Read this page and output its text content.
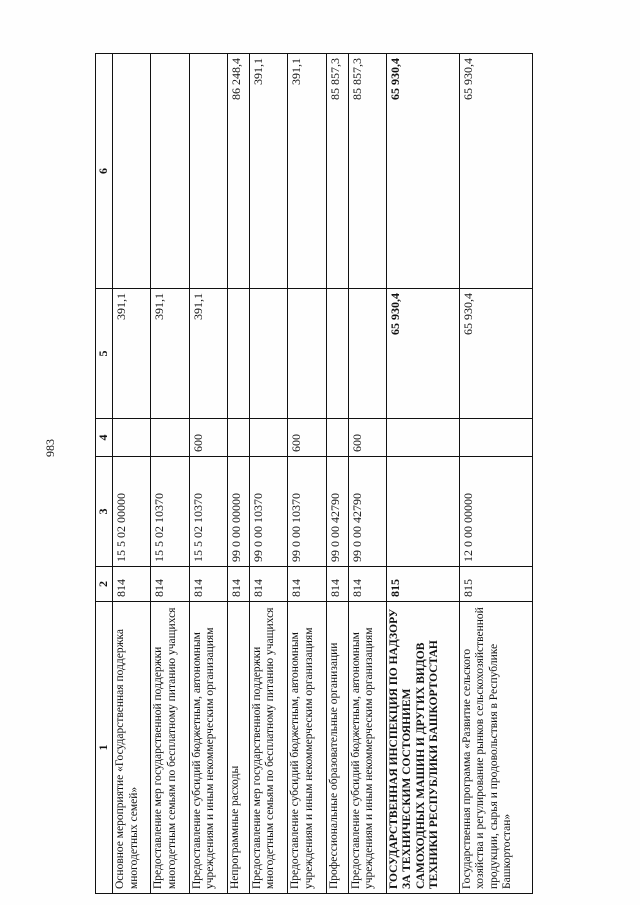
983
1	2	3	4	5	6
Основное мероприятие «Государственная поддержка многодетных семей»	814	15 5 02 00000		391,1	
Предоставление мер государственной поддержки многодетным семьям по бесплатному питанию учащихся	814	15 5 02 10370		391,1	
Предоставление субсидий бюджетным, автономным учреждениям и иным некоммерческим организациям	814	15 5 02 10370	600	391,1	
Непрограммные расходы	814	99 0 00 00000			86 248,4
Предоставление мер государственной поддержки многодетным семьям по бесплатному питанию учащихся	814	99 0 00 10370			391,1
Предоставление субсидий бюджетным, автономным учреждениям и иным некоммерческим организациям	814	99 0 00 10370	600		391,1
Профессиональные образовательные организации	814	99 0 00 42790			85 857,3
Предоставление субсидий бюджетным, автономным учреждениям и иным некоммерческим организациям	814	99 0 00 42790	600		85 857,3
ГОСУДАРСТВЕННАЯ ИНСПЕКЦИЯ ПО НАДЗОРУ ЗА ТЕХНИЧЕСКИМ СОСТОЯНИЕМ САМОХОДНЫХ МАШИН И ДРУГИХ ВИДОВ ТЕХНИКИ РЕСПУБЛИКИ БАШКОРТОСТАН	815			65 930,4	65 930,4
Государственная программа «Развитие сельского хозяйства и регулирование рынков сельскохозяйственной продукции, сырья и продовольствия в Республике Башкортостан»	815	12 0 00 00000		65 930,4	65 930,4
